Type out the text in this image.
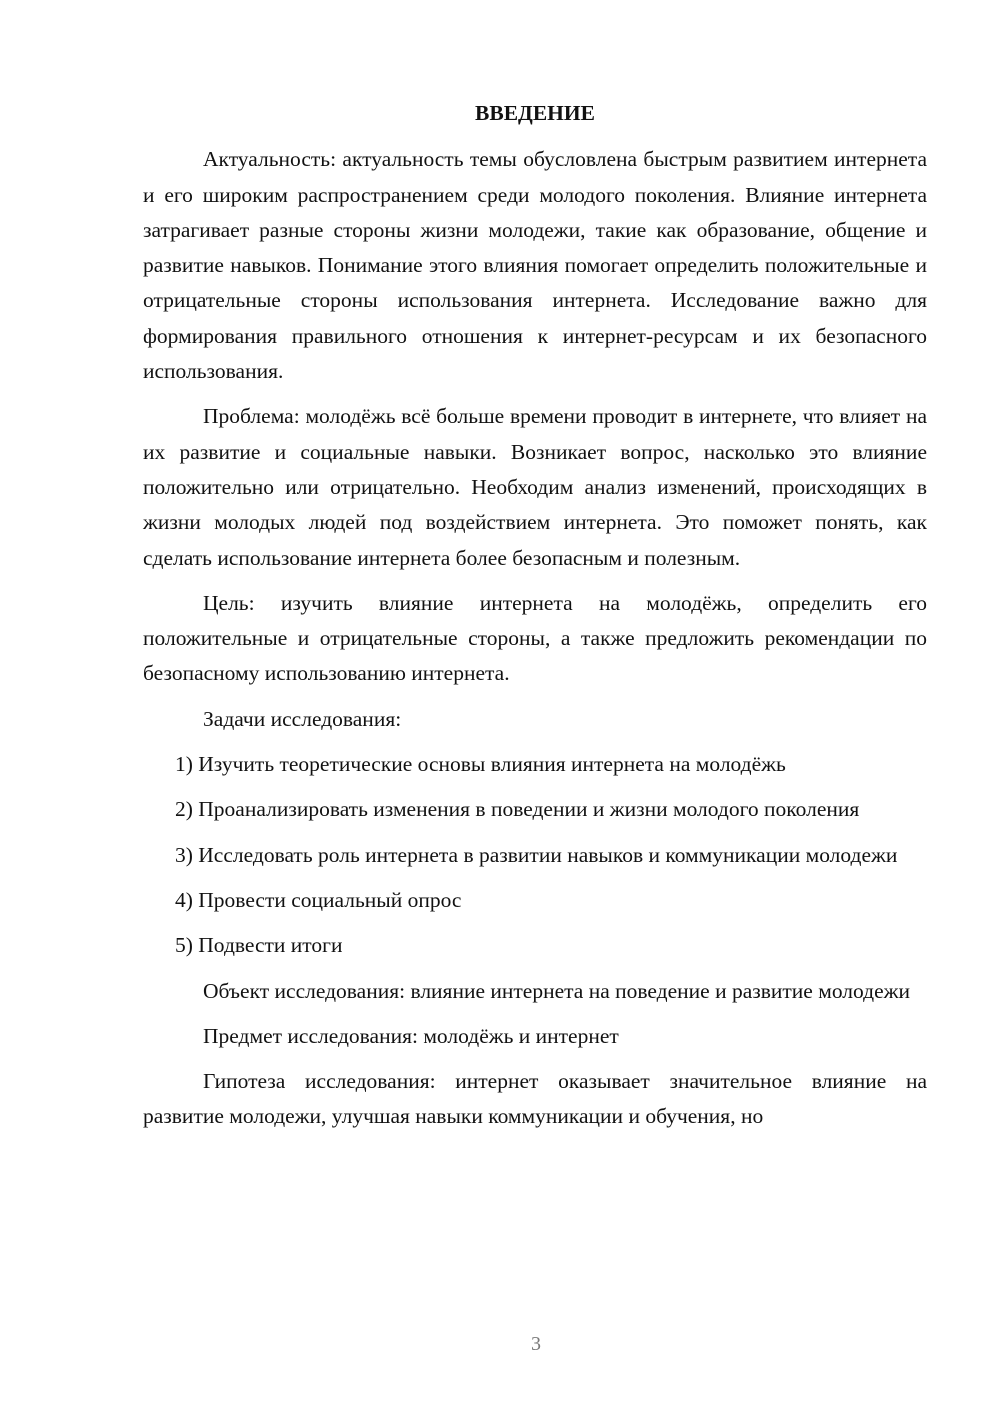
ВВЕДЕНИЕ

Актуальность: актуальность темы обусловлена быстрым развитием интернета и его широким распространением среди молодого поколения. Влияние интернета затрагивает разные стороны жизни молодежи, такие как образование, общение и развитие навыков. Понимание этого влияния помогает определить положительные и отрицательные стороны использования интернета. Исследование важно для формирования правильного отношения к интернет-ресурсам и их безопасного использования.

Проблема: молодёжь всё больше времени проводит в интернете, что влияет на их развитие и социальные навыки. Возникает вопрос, насколько это влияние положительно или отрицательно. Необходим анализ изменений, происходящих в жизни молодых людей под воздействием интернета. Это поможет понять, как сделать использование интернета более безопасным и полезным.

Цель: изучить влияние интернета на молодёжь, определить его положительные и отрицательные стороны, а также предложить рекомендации по безопасному использованию интернета.

Задачи исследования:

1) Изучить теоретические основы влияния интернета на молодёжь

2) Проанализировать изменения в поведении и жизни молодого поколения

3) Исследовать роль интернета в развитии навыков и коммуникации молодежи

4) Провести социальный опрос

5) Подвести итоги

Объект исследования: влияние интернета на поведение и развитие молодежи

Предмет исследования: молодёжь и интернет

Гипотеза исследования: интернет оказывает значительное влияние на развитие молодежи, улучшая навыки коммуникации и обучения, но

3
